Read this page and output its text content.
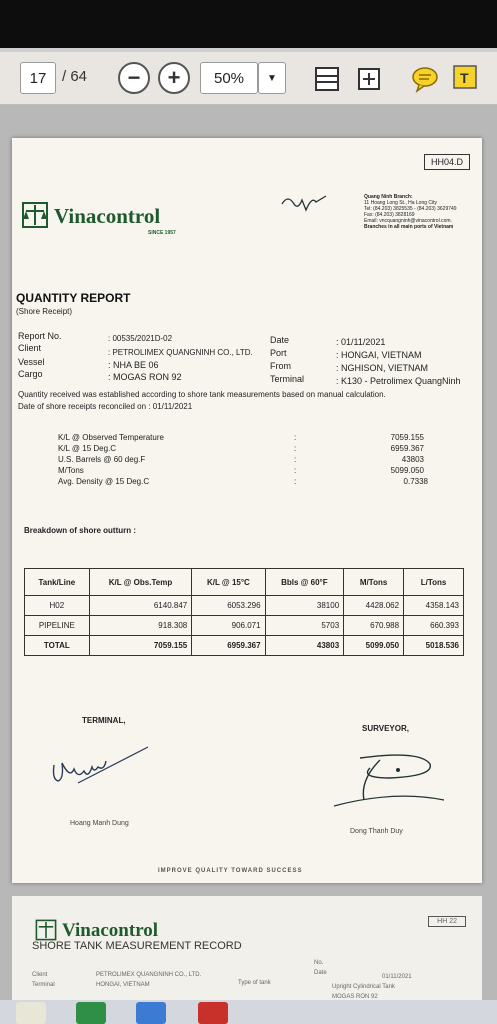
17 / 64 − + 50% ▼	T
HH04.D
Vinacontrol
SINCE 1957
Quang Ninh Branch:
11 Hoang Long St., Ha Long City
Tel: (84.203) 3825535 - (84.203) 3629749
Fax: (84.203) 3828169
Email: vncquangninh@vinacontrol.com.
Branches in all main ports of Vietnam
QUANTITY REPORT
(Shore Receipt)
Report No.	: 00535/2021D-02
Client	: PETROLIMEX QUANGNINH CO., LTD.
Vessel	: NHA BE 06
Cargo	: MOGAS RON 92
Date	: 01/11/2021
Port	: HONGAI, VIETNAM
From	: NGHISON, VIETNAM
Terminal	: K130 - Petrolimex QuangNinh
Quantity received was established according to shore tank measurements based on manual calculation.
Date of shore receipts reconciled on : 01/11/2021
K/L @ Observed Temperature	:	7059.155
K/L @ 15 Deg.C	:	6959.367
U.S. Barrels @ 60 deg.F	:	43803
M/Tons	:	5099.050
Avg. Density @ 15 Deg.C	:	0.7338
Breakdown of shore outturn :
Tank/Line	K/L @ Obs.Temp	K/L @ 15°C	Bbls @ 60°F	M/Tons	L/Tons
H02	6140.847	6053.296	38100	4428.062	4358.143
PIPELINE	918.308	906.071	5703	670.988	660.393
TOTAL	7059.155	6959.367	43803	5099.050	5018.536
TERMINAL,
SURVEYOR,
Hoang Manh Dung
Dong Thanh Duy
IMPROVE QUALITY TOWARD SUCCESS
HH 22
Vinacontrol
SHORE TANK MEASUREMENT RECORD
Client	PETROLIMEX QUANGNINH CO., LTD.
Terminal	HONGAI, VIETNAM	Type of tank
No.
Date
01/11/2021
Upright Cylindrical Tank
MOGAS RON 92
